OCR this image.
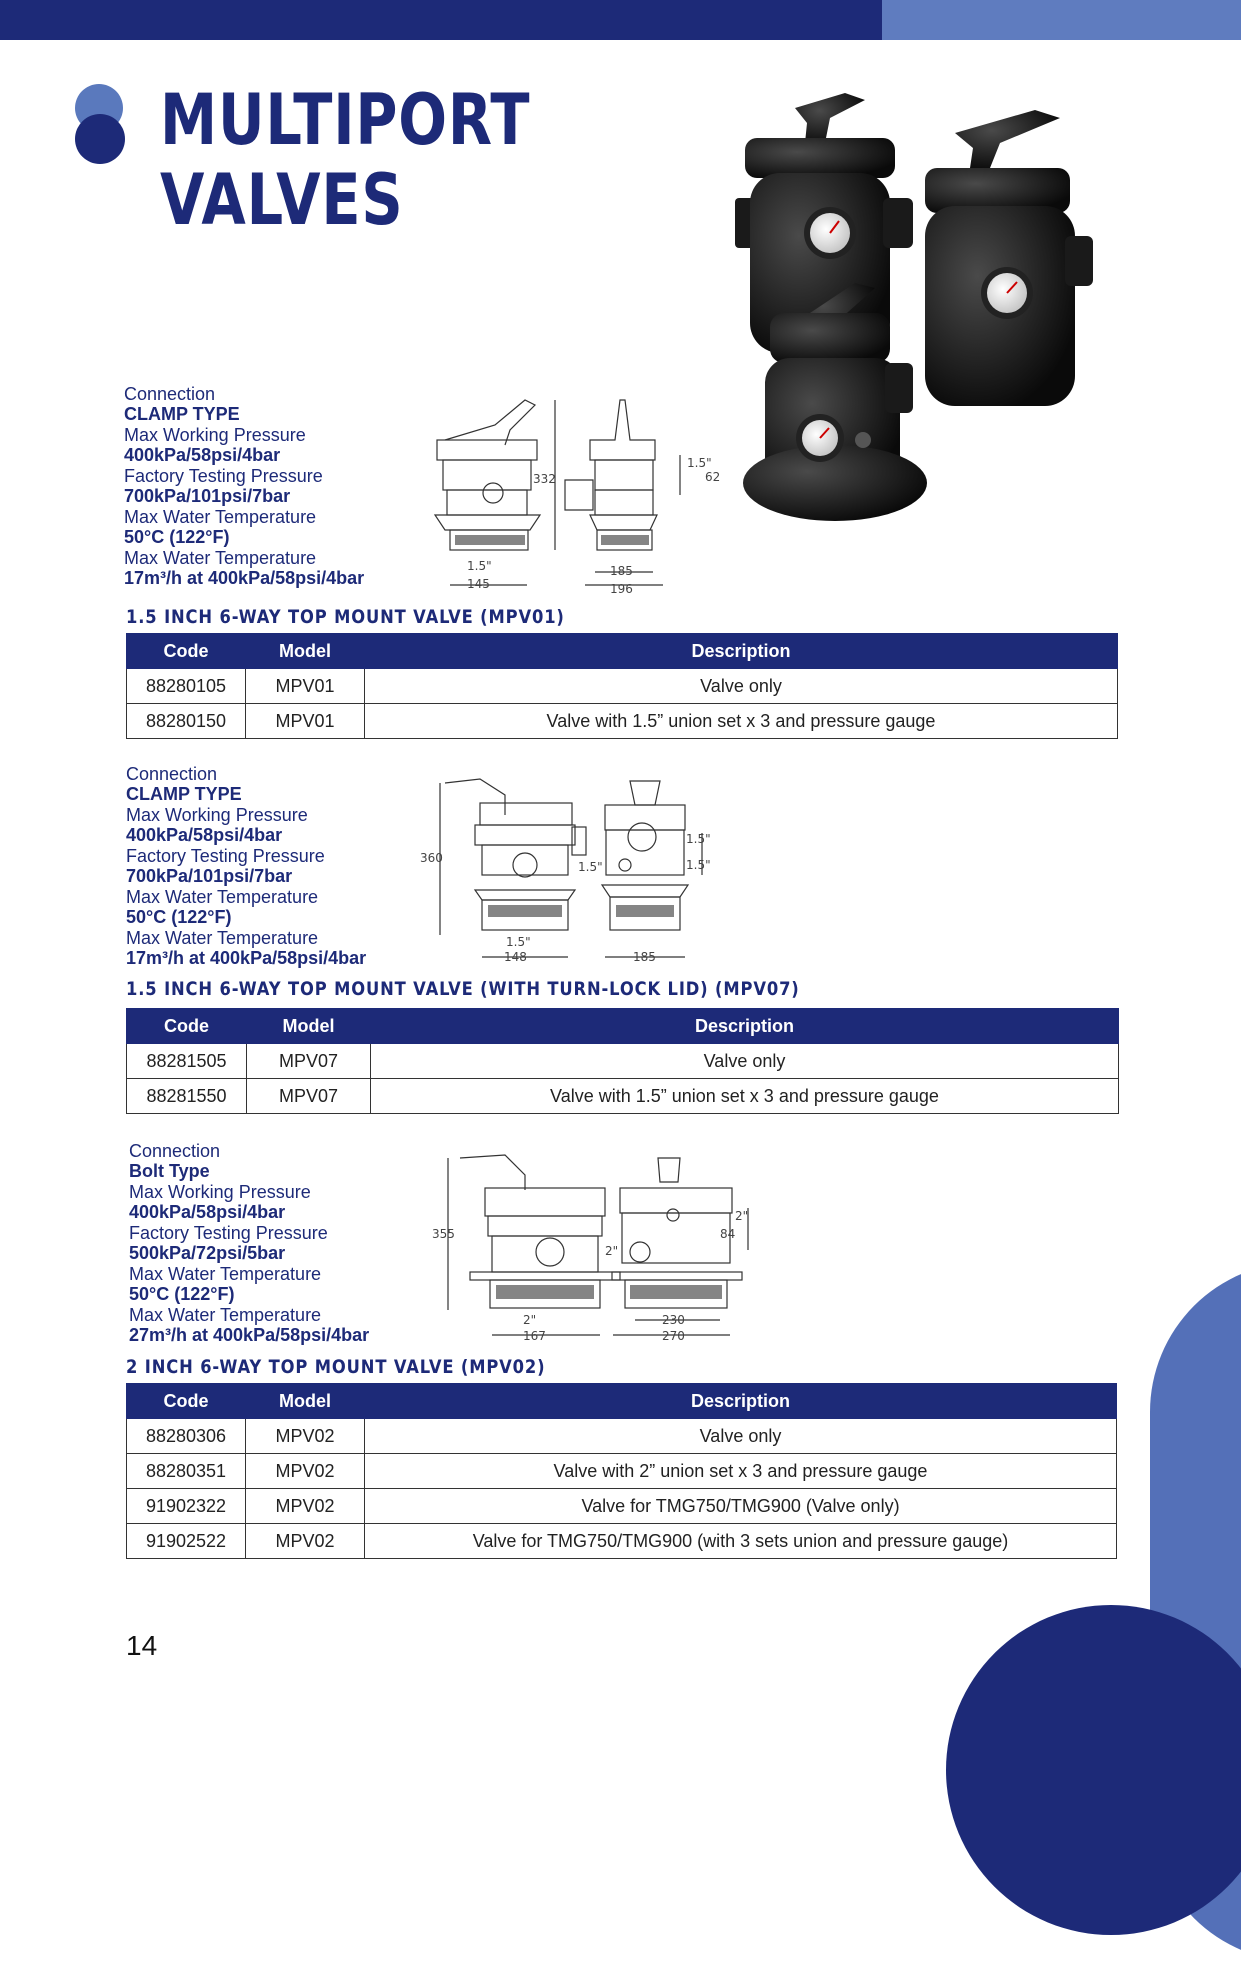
MULTIPORT
VALVES
Connection
CLAMP TYPE
Max Working Pressure
400kPa/58psi/4bar
Factory Testing Pressure
700kPa/101psi/7bar
Max Water Temperature
50°C (122°F)
Max Water Temperature
17m³/h at 400kPa/58psi/4bar
332
1.5"
145
185
196
1.5"
62
1.5 INCH 6-WAY TOP MOUNT VALVE (MPV01)
Code	Model	Description
88280105	MPV01	Valve only
88280150	MPV01	Valve with 1.5” union set x 3 and pressure gauge
Connection
CLAMP TYPE
Max Working Pressure
400kPa/58psi/4bar
Factory Testing Pressure
700kPa/101psi/7bar
Max Water Temperature
50°C (122°F)
Max Water Temperature
17m³/h at 400kPa/58psi/4bar
360
1.5"
148	185
1.5"
1.5"
1.5"
1.5 INCH 6-WAY TOP MOUNT VALVE (WITH TURN-LOCK LID) (MPV07)
Code	Model	Description
88281505	MPV07	Valve only
88281550	MPV07	Valve with 1.5” union set x 3 and pressure gauge
Connection
Bolt Type
Max Working Pressure
400kPa/58psi/4bar
Factory Testing Pressure
500kPa/72psi/5bar
Max Water Temperature
50°C (122°F)
Max Water Temperature
27m³/h at 400kPa/58psi/4bar
355
2"
167
230
270
2"
2"
84
2 INCH 6-WAY TOP MOUNT VALVE (MPV02)
Code	Model	Description
88280306	MPV02	Valve only
88280351	MPV02	Valve with 2” union set x 3 and pressure gauge
91902322	MPV02	Valve for TMG750/TMG900 (Valve only)
91902522	MPV02	Valve for TMG750/TMG900 (with 3 sets union and pressure gauge)
14
